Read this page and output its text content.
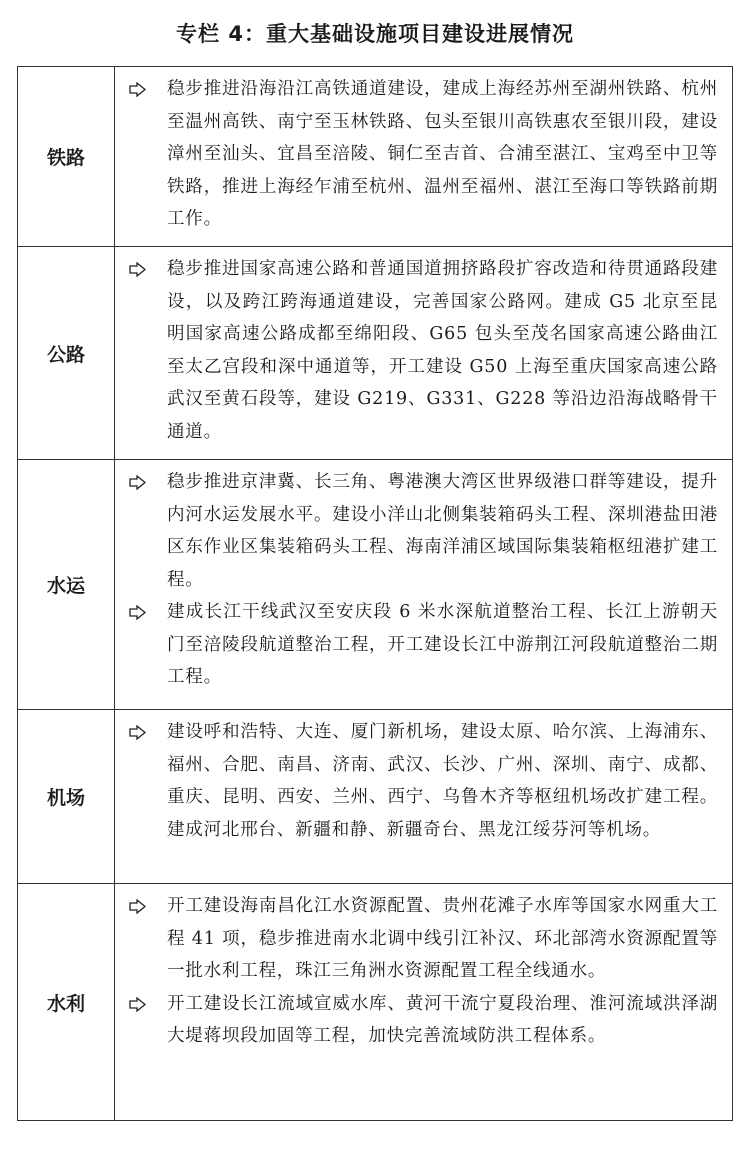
专栏 4：重大基础设施项目建设进展情况
铁路	稳步推进沿海沿江高铁通道建设，建成上海经苏州至湖州铁路、杭州至温州高铁、南宁至玉林铁路、包头至银川高铁惠农至银川段，建设漳州至汕头、宜昌至涪陵、铜仁至吉首、合浦至湛江、宝鸡至中卫等铁路，推进上海经乍浦至杭州、温州至福州、湛江至海口等铁路前期工作。

公路	稳步推进国家高速公路和普通国道拥挤路段扩容改造和待贯通路段建设，以及跨江跨海通道建设，完善国家公路网。建成 G5 北京至昆明国家高速公路成都至绵阳段、G65 包头至茂名国家高速公路曲江至太乙宫段和深中通道等，开工建设 G50 上海至重庆国家高速公路武汉至黄石段等，建设 G219、G331、G228 等沿边沿海战略骨干通道。

水运	稳步推进京津冀、长三角、粤港澳大湾区世界级港口群等建设，提升内河水运发展水平。建设小洋山北侧集装箱码头工程、深圳港盐田港区东作业区集装箱码头工程、海南洋浦区域国际集装箱枢纽港扩建工程。
建成长江干线武汉至安庆段 6 米水深航道整治工程、长江上游朝天门至涪陵段航道整治工程，开工建设长江中游荆江河段航道整治二期工程。

机场	建设呼和浩特、大连、厦门新机场，建设太原、哈尔滨、上海浦东、福州、合肥、南昌、济南、武汉、长沙、广州、深圳、南宁、成都、重庆、昆明、西安、兰州、西宁、乌鲁木齐等枢纽机场改扩建工程。建成河北邢台、新疆和静、新疆奇台、黑龙江绥芬河等机场。

水利	开工建设海南昌化江水资源配置、贵州花滩子水库等国家水网重大工程 41 项，稳步推进南水北调中线引江补汉、环北部湾水资源配置等一批水利工程，珠江三角洲水资源配置工程全线通水。
开工建设长江流域宣威水库、黄河干流宁夏段治理、淮河流域洪泽湖大堤蒋坝段加固等工程，加快完善流域防洪工程体系。
